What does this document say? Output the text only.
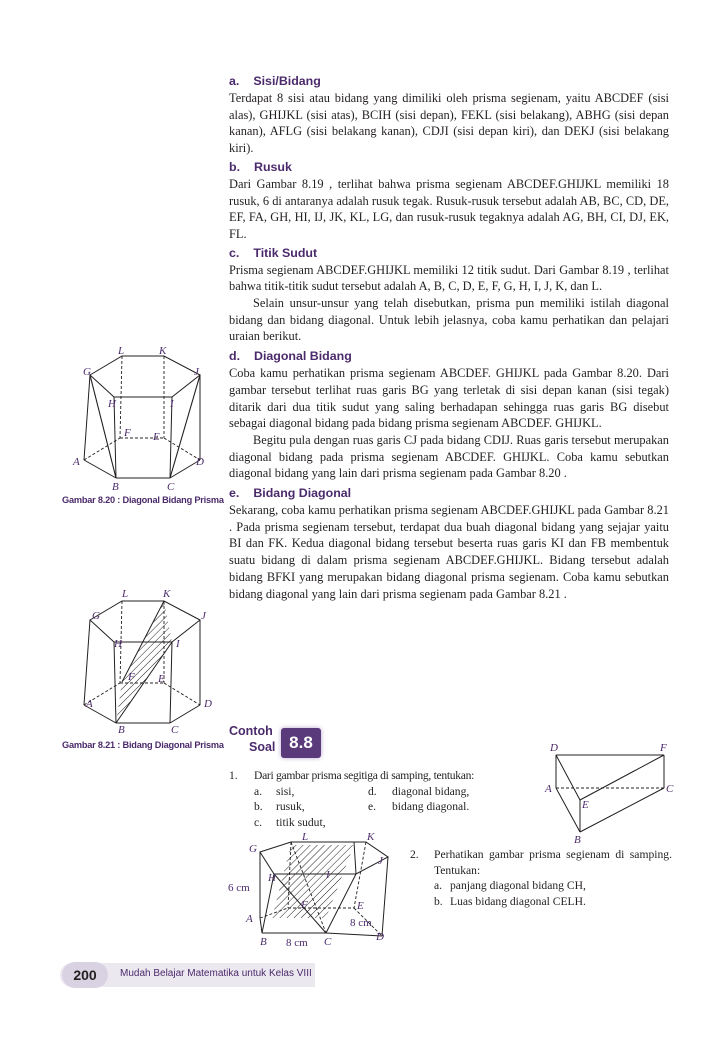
a. Sisi/Bidang

Terdapat 8 sisi atau bidang yang dimiliki oleh prisma segienam, yaitu ABCDEF (sisi alas), GHIJKL (sisi atas), BCIH (sisi depan), FEKL (sisi belakang), ABHG (sisi depan kanan), AFLG (sisi belakang kanan), CDJI (sisi depan kiri), dan DEKJ (sisi belakang kiri).

b. Rusuk

Dari Gambar 8.19 , terlihat bahwa prisma segienam ABCDEF.GHIJKL memiliki 18 rusuk, 6 di antaranya adalah rusuk tegak. Rusuk-rusuk tersebut adalah AB, BC, CD, DE, EF, FA, GH, HI, IJ, JK, KL, LG, dan rusuk-rusuk tegaknya adalah AG, BH, CI, DJ, EK, FL.

c. Titik Sudut

Prisma segienam ABCDEF.GHIJKL memiliki 12 titik sudut. Dari Gambar 8.19 , terlihat bahwa titik-titik sudut tersebut adalah A, B, C, D, E, F, G, H, I, J, K, dan L.

Selain unsur-unsur yang telah disebutkan, prisma pun memiliki istilah diagonal bidang dan bidang diagonal. Untuk lebih jelasnya, coba kamu perhatikan dan pelajari uraian berikut.

d. Diagonal Bidang

Coba kamu perhatikan prisma segienam ABCDEF. GHIJKL pada Gambar 8.20. Dari gambar tersebut terlihat ruas garis BG yang terletak di sisi depan kanan (sisi tegak) ditarik dari dua titik sudut yang saling berhadapan sehingga ruas garis BG disebut sebagai diagonal bidang pada bidang prisma segienam ABCDEF. GHIJKL.

Begitu pula dengan ruas garis CJ pada bidang CDIJ. Ruas garis tersebut merupakan diagonal bidang pada prisma segienam ABCDEF. GHIJKL. Coba kamu sebutkan diagonal bidang yang lain dari prisma segienam pada Gambar 8.20 .

e. Bidang Diagonal

Sekarang, coba kamu perhatikan prisma segienam ABCDEF.GHIJKL pada Gambar 8.21 . Pada prisma segienam tersebut, terdapat dua buah diagonal bidang yang sejajar yaitu BI dan FK. Kedua diagonal bidang tersebut beserta ruas garis KI dan FB membentuk suatu bidang di dalam prisma segienam ABCDEF.GHIJKL. Bidang tersebut adalah bidang BFKI yang merupakan bidang diagonal prisma segienam. Coba kamu sebutkan bidang diagonal yang lain dari prisma segienam pada Gambar 8.21 .

L	K
G	J
H	I
F E
A	D
B	C
Gambar 8.20 : Diagonal Bidang Prisma
L	K
G	J
H	I
F E
A	D
B	C
Gambar 8.21 : Bidang Diagonal Prisma
Contoh
Soal 8.8
1.	Dari gambar prisma segitiga di samping, tentukan:
a.	sisi,	d.	diagonal bidang,
b.	rusuk,	e.	bidang diagonal.
c.	titik sudut,
D	F
A	C
E
B
L	K
G
J
H	I
6 cm
F	E
8 cm
A
B 8 cm C	D
2.	Perhatikan gambar prisma segienam di samping. Tentukan:
a. panjang diagonal bidang CH,
b. Luas bidang diagonal CELH.
200	Mudah Belajar Matematika untuk Kelas VIII
